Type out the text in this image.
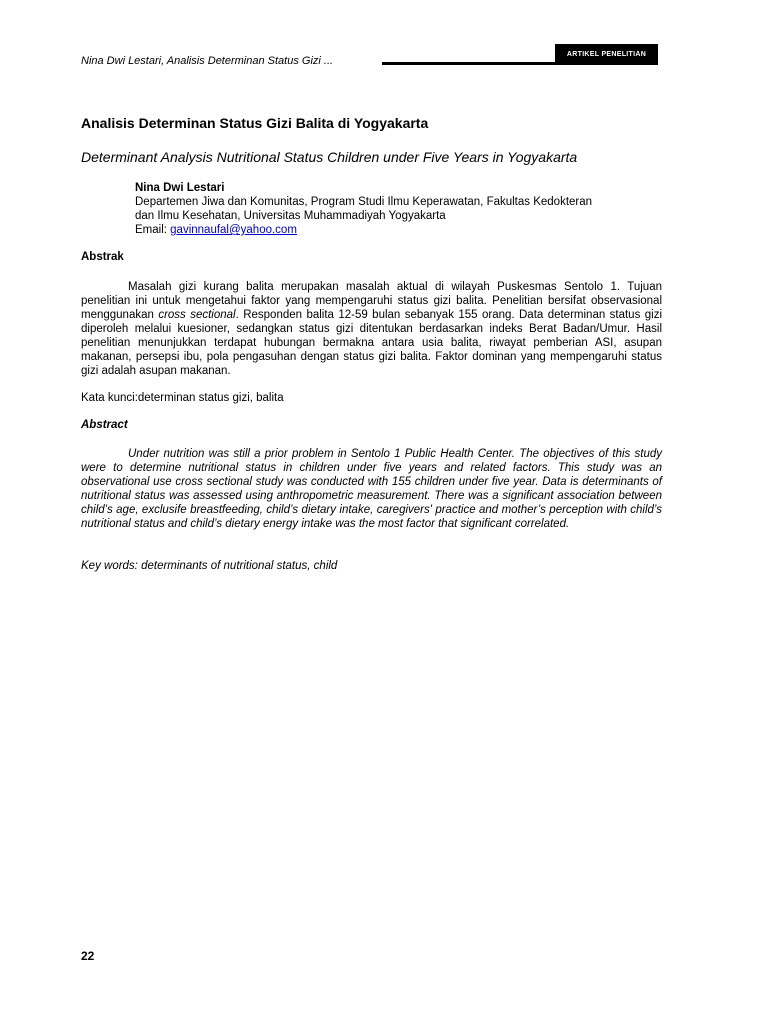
Nina Dwi Lestari, Analisis Determinan Status Gizi ...
ARTIKEL PENELITIAN
Analisis Determinan Status Gizi Balita di Yogyakarta
Determinant Analysis Nutritional Status Children under Five Years in Yogyakarta
Nina Dwi Lestari
Departemen Jiwa dan Komunitas, Program Studi Ilmu Keperawatan, Fakultas Kedokteran
dan Ilmu Kesehatan, Universitas Muhammadiyah Yogyakarta
Email: gavinnaufal@yahoo.com
Abstrak

Masalah gizi kurang balita merupakan masalah aktual di wilayah Puskesmas Sentolo 1. Tujuan penelitian ini untuk mengetahui faktor yang mempengaruhi status gizi balita. Penelitian bersifat observasional menggunakan cross sectional. Responden balita 12-59 bulan sebanyak 155 orang. Data determinan status gizi diperoleh melalui kuesioner, sedangkan status gizi ditentukan berdasarkan indeks Berat Badan/Umur. Hasil penelitian menunjukkan terdapat hubungan bermakna antara usia balita, riwayat pemberian ASI, asupan makanan, persepsi ibu, pola pengasuhan dengan status gizi balita. Faktor dominan yang mempengaruhi status gizi adalah asupan makanan.

Kata kunci:determinan status gizi, balita
Abstract

Under nutrition was still a prior problem in Sentolo 1 Public Health Center. The objectives of this study were to determine nutritional status in children under five years and related factors. This study was an observational use cross sectional study was conducted with 155 children under five year. Data is determinants of nutritional status was assessed using anthropometric measurement. There was a significant association between child’s age, exclusife breastfeeding, child’s dietary intake, caregivers' practice and mother’s perception with child’s nutritional status and child’s dietary energy intake was the most factor that significant correlated.

Key words: determinants of nutritional status, child
22
